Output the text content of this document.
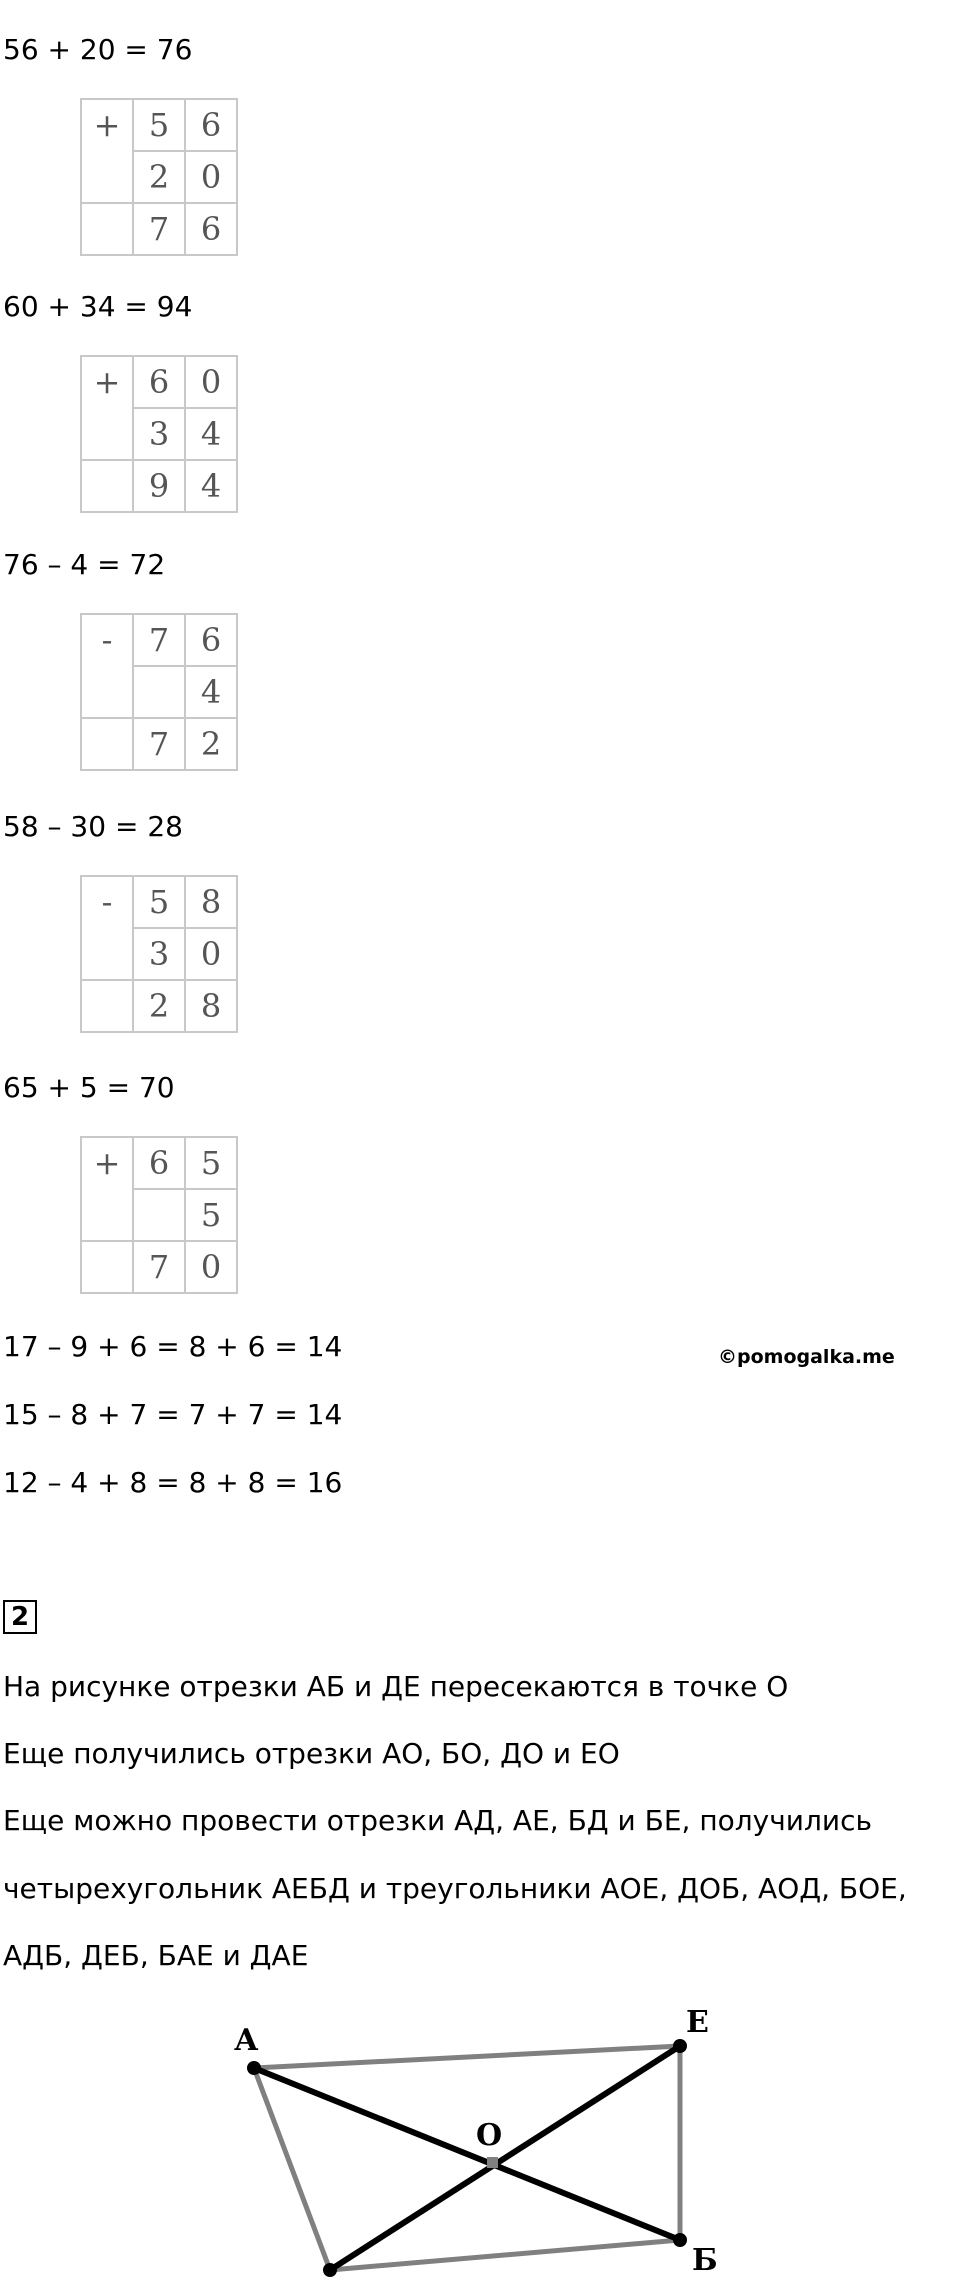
56 + 20 = 76

+	5	6
	2	0
	7	6

60 + 34 = 94

+	6	0
	3	4
	9	4

76 – 4 = 72

-	7	6
		4
	7	2

58 – 30 = 28

-	5	8
	3	0
	2	8

65 + 5 = 70

+	6	5
		5
	7	0

17 – 9 + 6 = 8 + 6 = 14

15 – 8 + 7 = 7 + 7 = 14

12 – 4 + 8 = 8 + 8 = 16

©pomogalka.me
2

На рисунке отрезки АБ и ДЕ пересекаются в точке О

Еще получились отрезки АО, БО, ДО и ЕО

Еще можно провести отрезки АД, АЕ, БД и БЕ, получились

четырехугольник АЕБД и треугольники АОЕ, ДОБ, АОД, БОЕ,

АДБ, ДЕБ, БАЕ и ДАЕ

А
Е
О
Б
